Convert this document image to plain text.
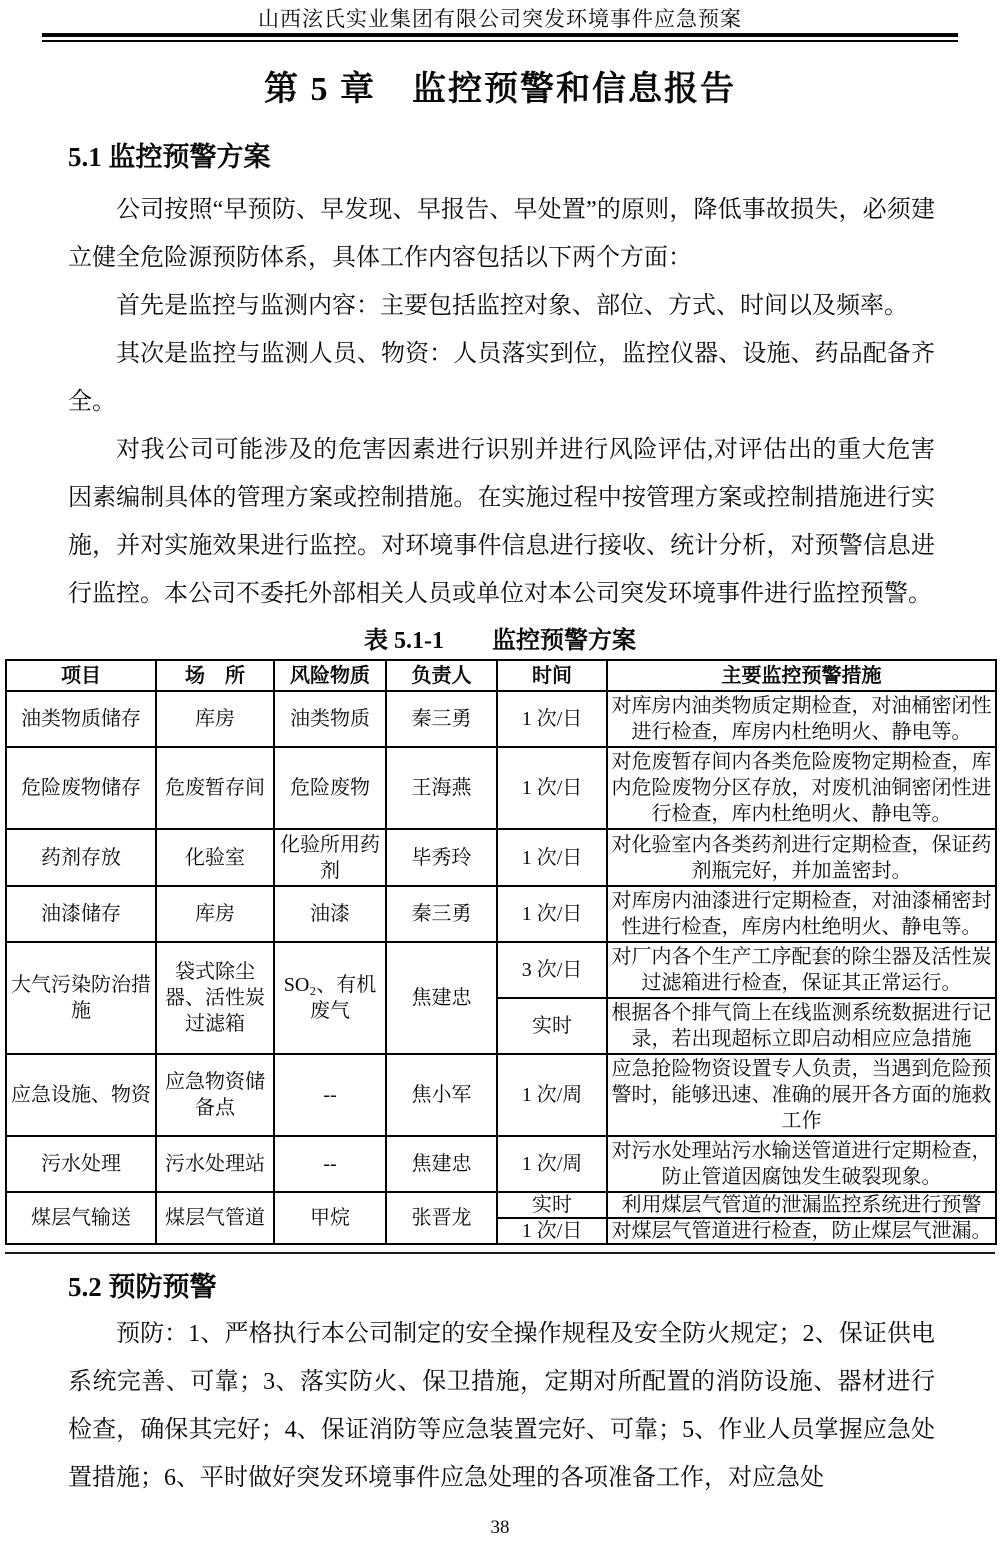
山西泫氏实业集团有限公司突发环境事件应急预案
第 5 章　监控预警和信息报告
5.1 监控预警方案

公司按照“早预防、早发现、早报告、早处置”的原则，降低事故损失，必须建立健全危险源预防体系，具体工作内容包括以下两个方面：

首先是监控与监测内容：主要包括监控对象、部位、方式、时间以及频率。

其次是监控与监测人员、物资：人员落实到位，监控仪器、设施、药品配备齐全。

对我公司可能涉及的危害因素进行识别并进行风险评估,对评估出的重大危害因素编制具体的管理方案或控制措施。在实施过程中按管理方案或控制措施进行实施，并对实施效果进行监控。对环境事件信息进行接收、统计分析，对预警信息进行监控。本公司不委托外部相关人员或单位对本公司突发环境事件进行监控预警。

表 5.1-1　　监控预警方案
项目	场　所	风险物质	负责人	时间	主要监控预警措施
油类物质储存	库房	油类物质	秦三勇	1 次/日	对库房内油类物质定期检查，对油桶密闭性进行检查，库房内杜绝明火、静电等。
危险废物储存	危废暂存间	危险废物	王海燕	1 次/日	对危废暂存间内各类危险废物定期检查，库内危险废物分区存放，对废机油铜密闭性进行检查，库内杜绝明火、静电等。
药剂存放	化验室	化验所用药剂	毕秀玲	1 次/日	对化验室内各类药剂进行定期检查，保证药剂瓶完好，并加盖密封。
油漆储存	库房	油漆	秦三勇	1 次/日	对库房内油漆进行定期检查，对油漆桶密封性进行检查，库房内杜绝明火、静电等。
大气污染防治措施	袋式除尘器、活性炭过滤箱	SO₂、有机废气	焦建忠	3 次/日	对厂内各个生产工序配套的除尘器及活性炭过滤箱进行检查，保证其正常运行。
				实时	根据各个排气筒上在线监测系统数据进行记录，若出现超标立即启动相应应急措施
应急设施、物资	应急物资储备点	--	焦小军	1 次/周	应急抢险物资设置专人负责，当遇到危险预警时，能够迅速、准确的展开各方面的施救工作
污水处理	污水处理站	--	焦建忠	1 次/周	对污水处理站污水输送管道进行定期检查，防止管道因腐蚀发生破裂现象。
煤层气输送	煤层气管道	甲烷	张晋龙	实时	利用煤层气管道的泄漏监控系统进行预警
				1 次/日	对煤层气管道进行检查，防止煤层气泄漏。
5.2 预防预警

预防：1、严格执行本公司制定的安全操作规程及安全防火规定；2、保证供电系统完善、可靠；3、落实防火、保卫措施，定期对所配置的消防设施、器材进行检查，确保其完好；4、保证消防等应急装置完好、可靠；5、作业人员掌握应急处置措施；6、平时做好突发环境事件应急处理的各项准备工作，对应急处

38
